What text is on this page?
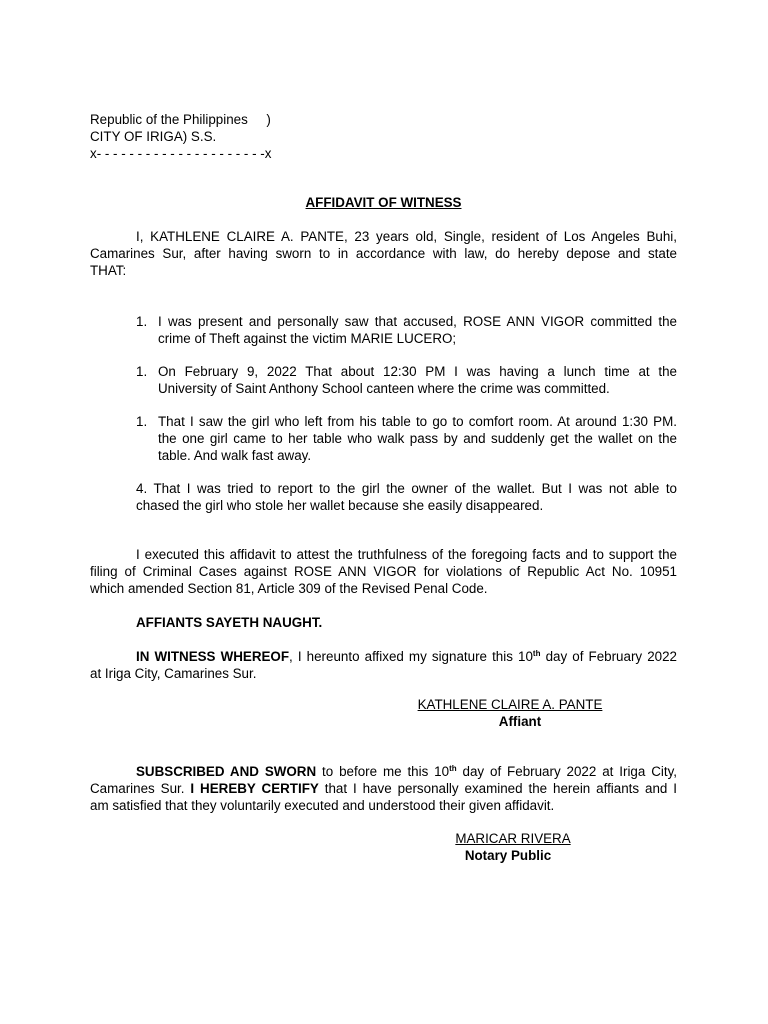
Republic of the Philippines     )
CITY OF IRIGA) S.S.
x- - - - - - - - - - - - - - - - - - - - -x
AFFIDAVIT OF WITNESS
I, KATHLENE CLAIRE A. PANTE, 23 years old, Single, resident of Los Angeles Buhi,
Camarines Sur, after having sworn to in accordance with law, do hereby depose and state
THAT:
1. I was present and personally saw that accused, ROSE ANN VIGOR committed the
crime of Theft against the victim MARIE LUCERO;
1. On February 9, 2022 That about 12:30 PM I was having a lunch time at the
University of Saint Anthony School canteen where the crime was committed.
1. That I saw the girl who left from his table to go to comfort room. At around 1:30 PM.
the one girl came to her table who walk pass by and suddenly get the wallet on the
table. And walk fast away.
4. That I was tried to report to the girl the owner of the wallet. But I was not able to
chased the girl who stole her wallet because she easily disappeared.
I executed this affidavit to attest the truthfulness of the foregoing facts and to support the
filing of Criminal Cases against ROSE ANN VIGOR for violations of Republic Act No. 10951
which amended Section 81, Article 309 of the Revised Penal Code.
AFFIANTS SAYETH NAUGHT.
IN WITNESS WHEREOF, I hereunto affixed my signature this 10th day of February 2022
at Iriga City, Camarines Sur.
KATHLENE CLAIRE A. PANTE
Affiant
SUBSCRIBED AND SWORN to before me this 10th day of February 2022 at Iriga City,
Camarines Sur. I HEREBY CERTIFY that I have personally examined the herein affiants and I
am satisfied that they voluntarily executed and understood their given affidavit.
MARICAR RIVERA
Notary Public
